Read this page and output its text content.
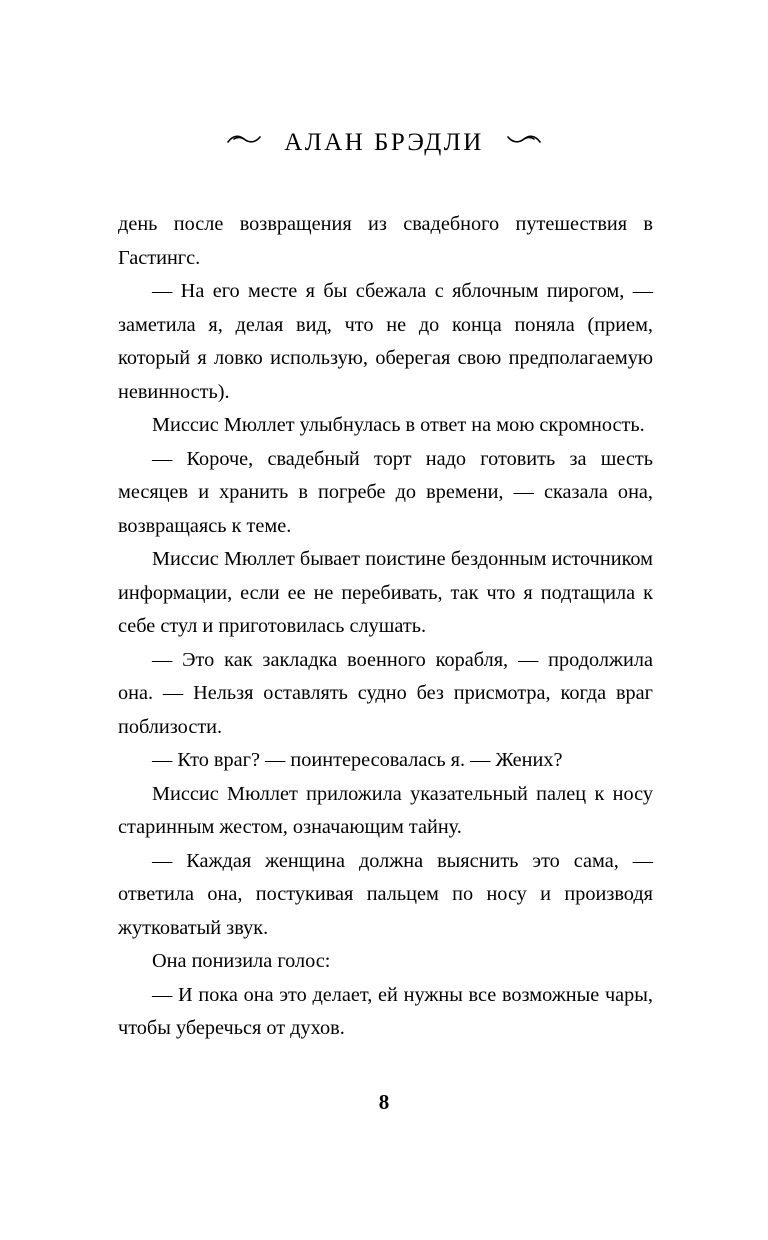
АЛАН БРЭДЛИ

день после возвращения из свадебного путешествия в Гастингс.

— На его месте я бы сбежала с яблочным пирогом, — заметила я, делая вид, что не до конца поняла (прием, который я ловко использую, оберегая свою предполагаемую невинность).

Миссис Мюллет улыбнулась в ответ на мою скромность.

— Короче, свадебный торт надо готовить за шесть месяцев и хранить в погребе до времени, — сказала она, возвращаясь к теме.

Миссис Мюллет бывает поистине бездонным источником информации, если ее не перебивать, так что я подтащила к себе стул и приготовилась слушать.

— Это как закладка военного корабля, — продолжила она. — Нельзя оставлять судно без присмотра, когда враг поблизости.

— Кто враг? — поинтересовалась я. — Жених?

Миссис Мюллет приложила указательный палец к носу старинным жестом, означающим тайну.

— Каждая женщина должна выяснить это сама, — ответила она, постукивая пальцем по носу и производя жутковатый звук.

Она понизила голос:

— И пока она это делает, ей нужны все возможные чары, чтобы уберечься от духов.

8
